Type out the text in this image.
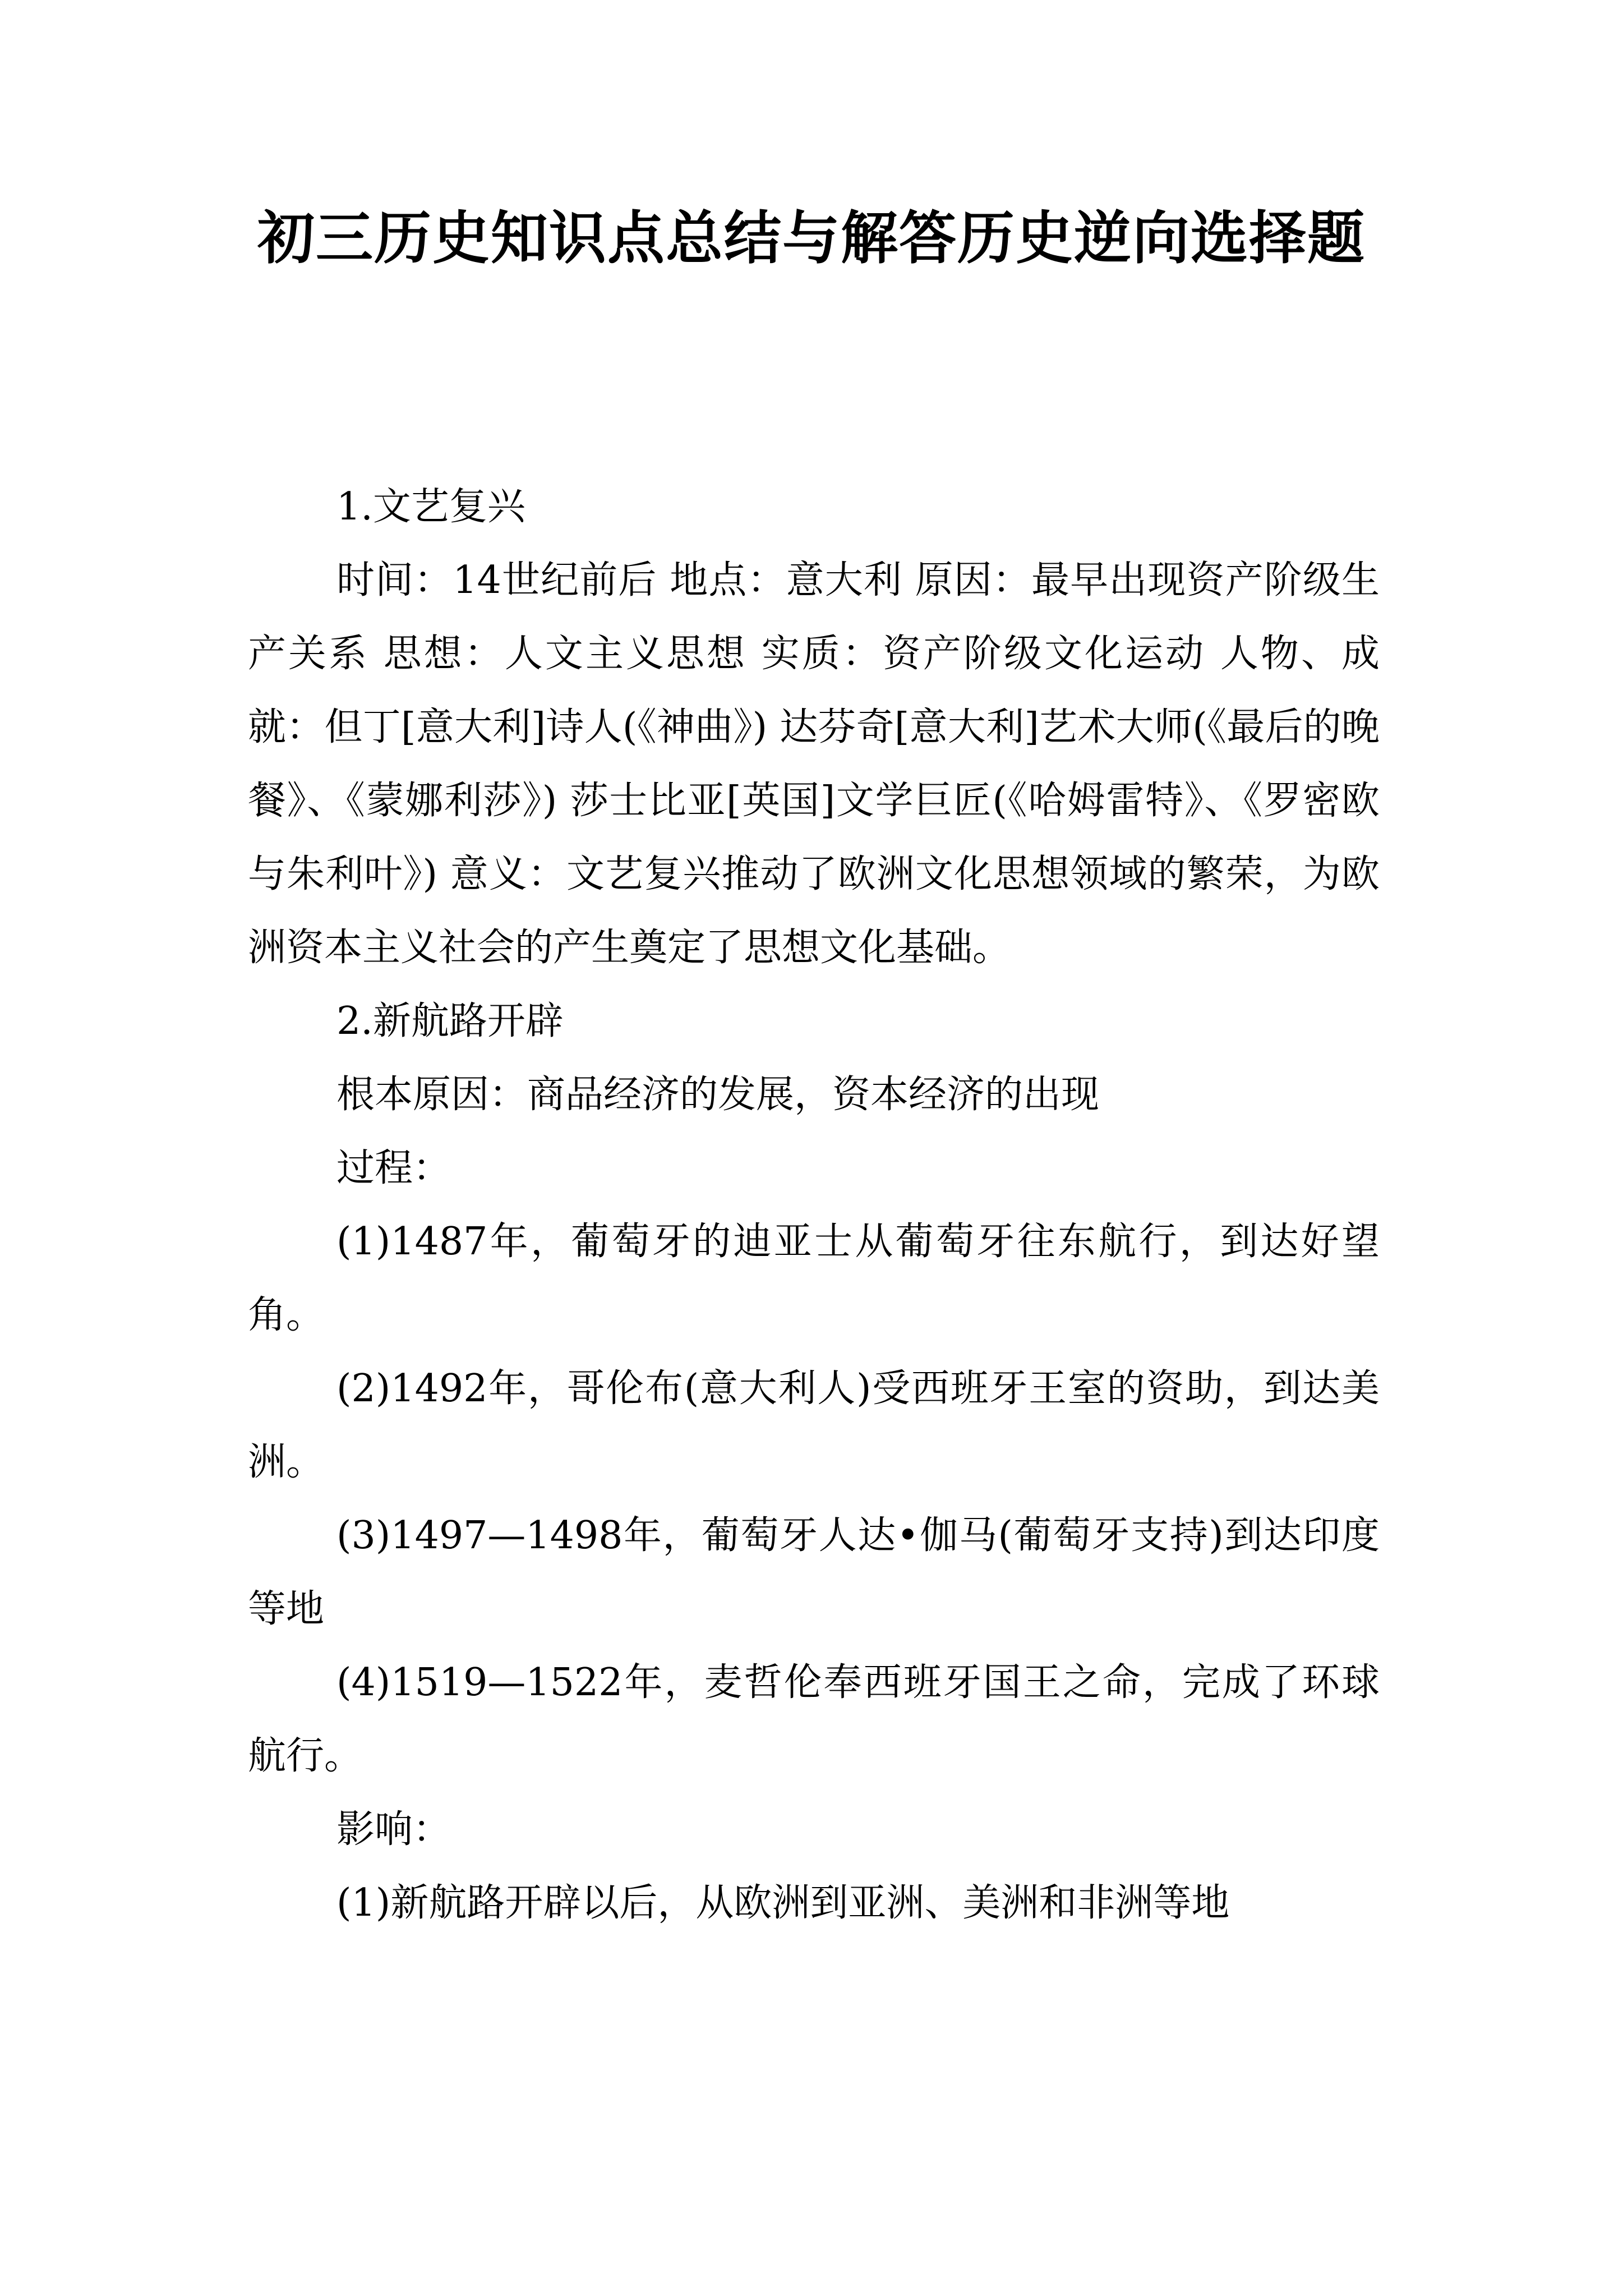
初三历史知识点总结与解答历史逆向选择题

1.文艺复兴

时间：14世纪前后 地点：意大利 原因：最早出现资产阶级生产关系 思想：人文主义思想 实质：资产阶级文化运动 人物、成就：但丁[意大利]诗人(《神曲》) 达芬奇[意大利]艺术大师(《最后的晚餐》、《蒙娜利莎》) 莎士比亚[英国]文学巨匠(《哈姆雷特》、《罗密欧与朱利叶》) 意义：文艺复兴推动了欧洲文化思想领域的繁荣，为欧洲资本主义社会的产生奠定了思想文化基础。

2.新航路开辟

根本原因：商品经济的发展，资本经济的出现

过程：

(1)1487年，葡萄牙的迪亚士从葡萄牙往东航行，到达好望角。

(2)1492年，哥伦布(意大利人)受西班牙王室的资助，到达美洲。

(3)1497—1498年，葡萄牙人达•伽马(葡萄牙支持)到达印度等地

(4)1519—1522年，麦哲伦奉西班牙国王之命，完成了环球航行。

影响：

(1)新航路开辟以后，从欧洲到亚洲、美洲和非洲等地
